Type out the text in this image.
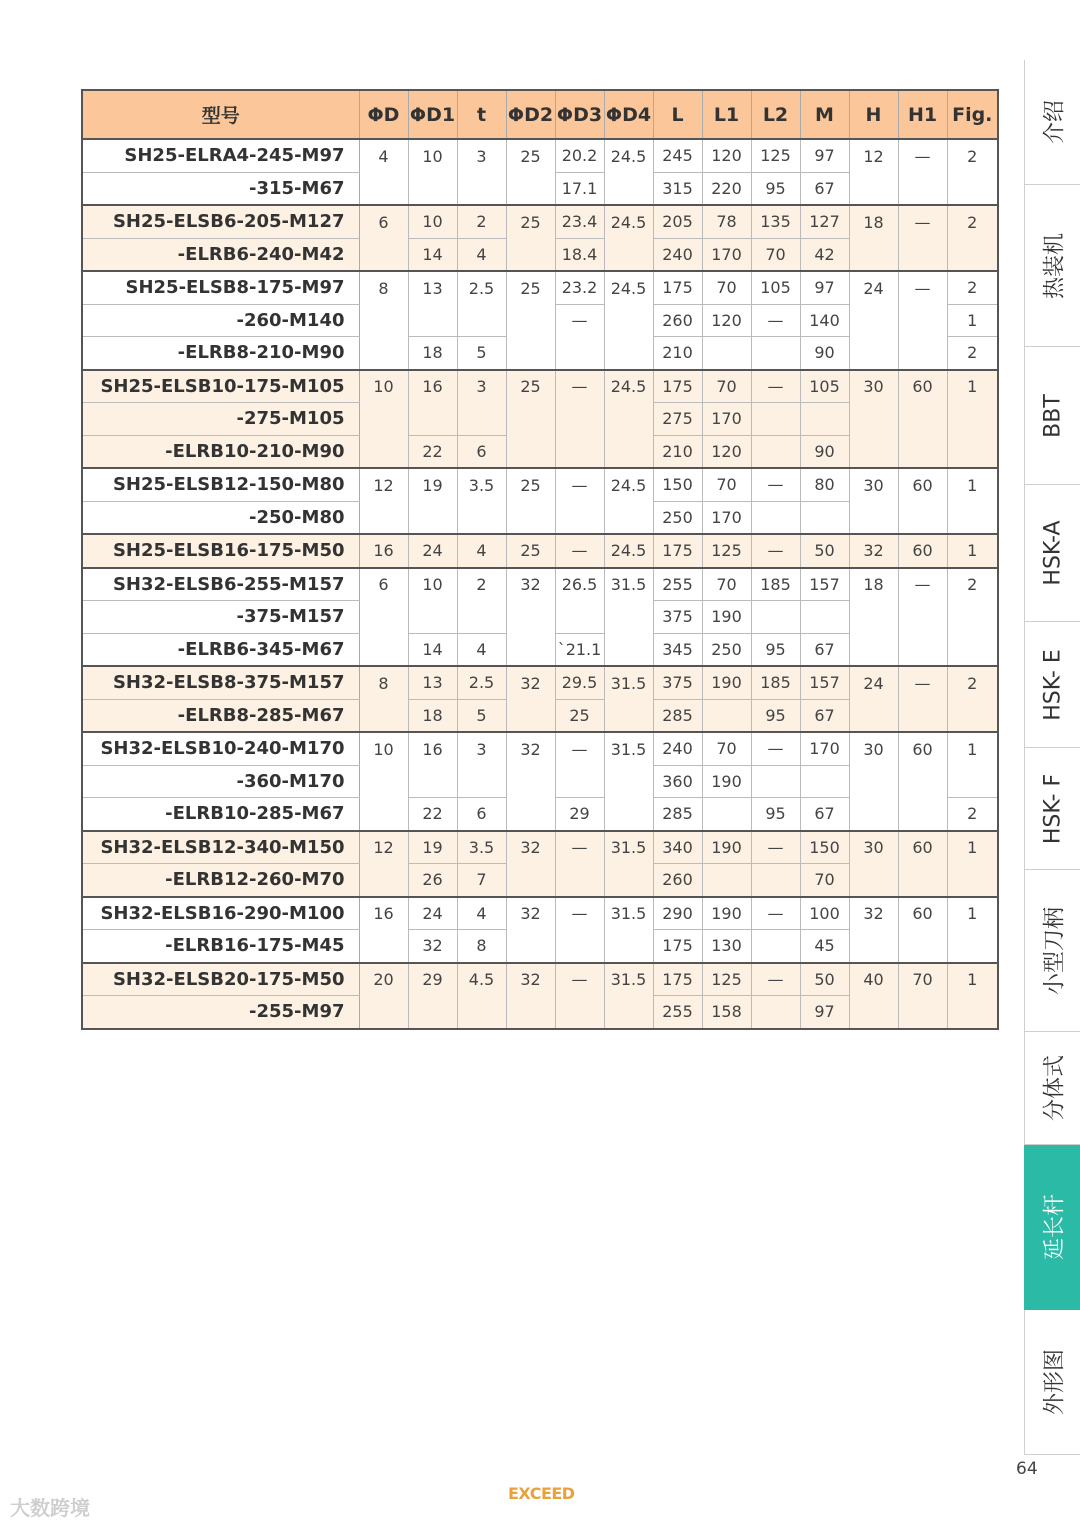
型号	ΦD	ΦD1	t	ΦD2	ΦD3	ΦD4	L	L1	L2	M	H	H1	Fig.
SH25-ELRA4-245-M97	4	10	3	25	20.2	24.5	245	120	125	97	12	—	2
-315-M67					17.1		315	220	95	67			
SH25-ELSB6-205-M127	6	10	2	25	23.4	24.5	205	78	135	127	18	—	2
-ELRB6-240-M42		14	4		18.4		240	170	70	42			
SH25-ELSB8-175-M97	8	13	2.5	25	23.2	24.5	175	70	105	97	24	—	2
-260-M140					—		260	120	—	140			1
-ELRB8-210-M90		18	5				210			90			2
SH25-ELSB10-175-M105	10	16	3	25	—	24.5	175	70	—	105	30	60	1
-275-M105							275	170					
-ELRB10-210-M90		22	6				210	120		90			
SH25-ELSB12-150-M80	12	19	3.5	25	—	24.5	150	70	—	80	30	60	1
-250-M80							250	170					
SH25-ELSB16-175-M50	16	24	4	25	—	24.5	175	125	—	50	32	60	1
SH32-ELSB6-255-M157	6	10	2	32	26.5	31.5	255	70	185	157	18	—	2
-375-M157							375	190					
-ELRB6-345-M67		14	4		`21.1		345	250	95	67			
SH32-ELSB8-375-M157	8	13	2.5	32	29.5	31.5	375	190	185	157	24	—	2
-ELRB8-285-M67		18	5		25		285		95	67			
SH32-ELSB10-240-M170	10	16	3	32	—	31.5	240	70	—	170	30	60	1
-360-M170							360	190					
-ELRB10-285-M67		22	6		29		285		95	67			2
SH32-ELSB12-340-M150	12	19	3.5	32	—	31.5	340	190	—	150	30	60	1
-ELRB12-260-M70		26	7				260			70			
SH32-ELSB16-290-M100	16	24	4	32	—	31.5	290	190	—	100	32	60	1
-ELRB16-175-M45		32	8				175	130		45			
SH32-ELSB20-175-M50	20	29	4.5	32	—	31.5	175	125	—	50	40	70	1
-255-M97							255	158		97			
介绍
热装机
BBT
HSK-A
HSK- E
HSK- F
小型刀柄
分体式
延长杆
外形图
64
EXCEED
大数跨境
